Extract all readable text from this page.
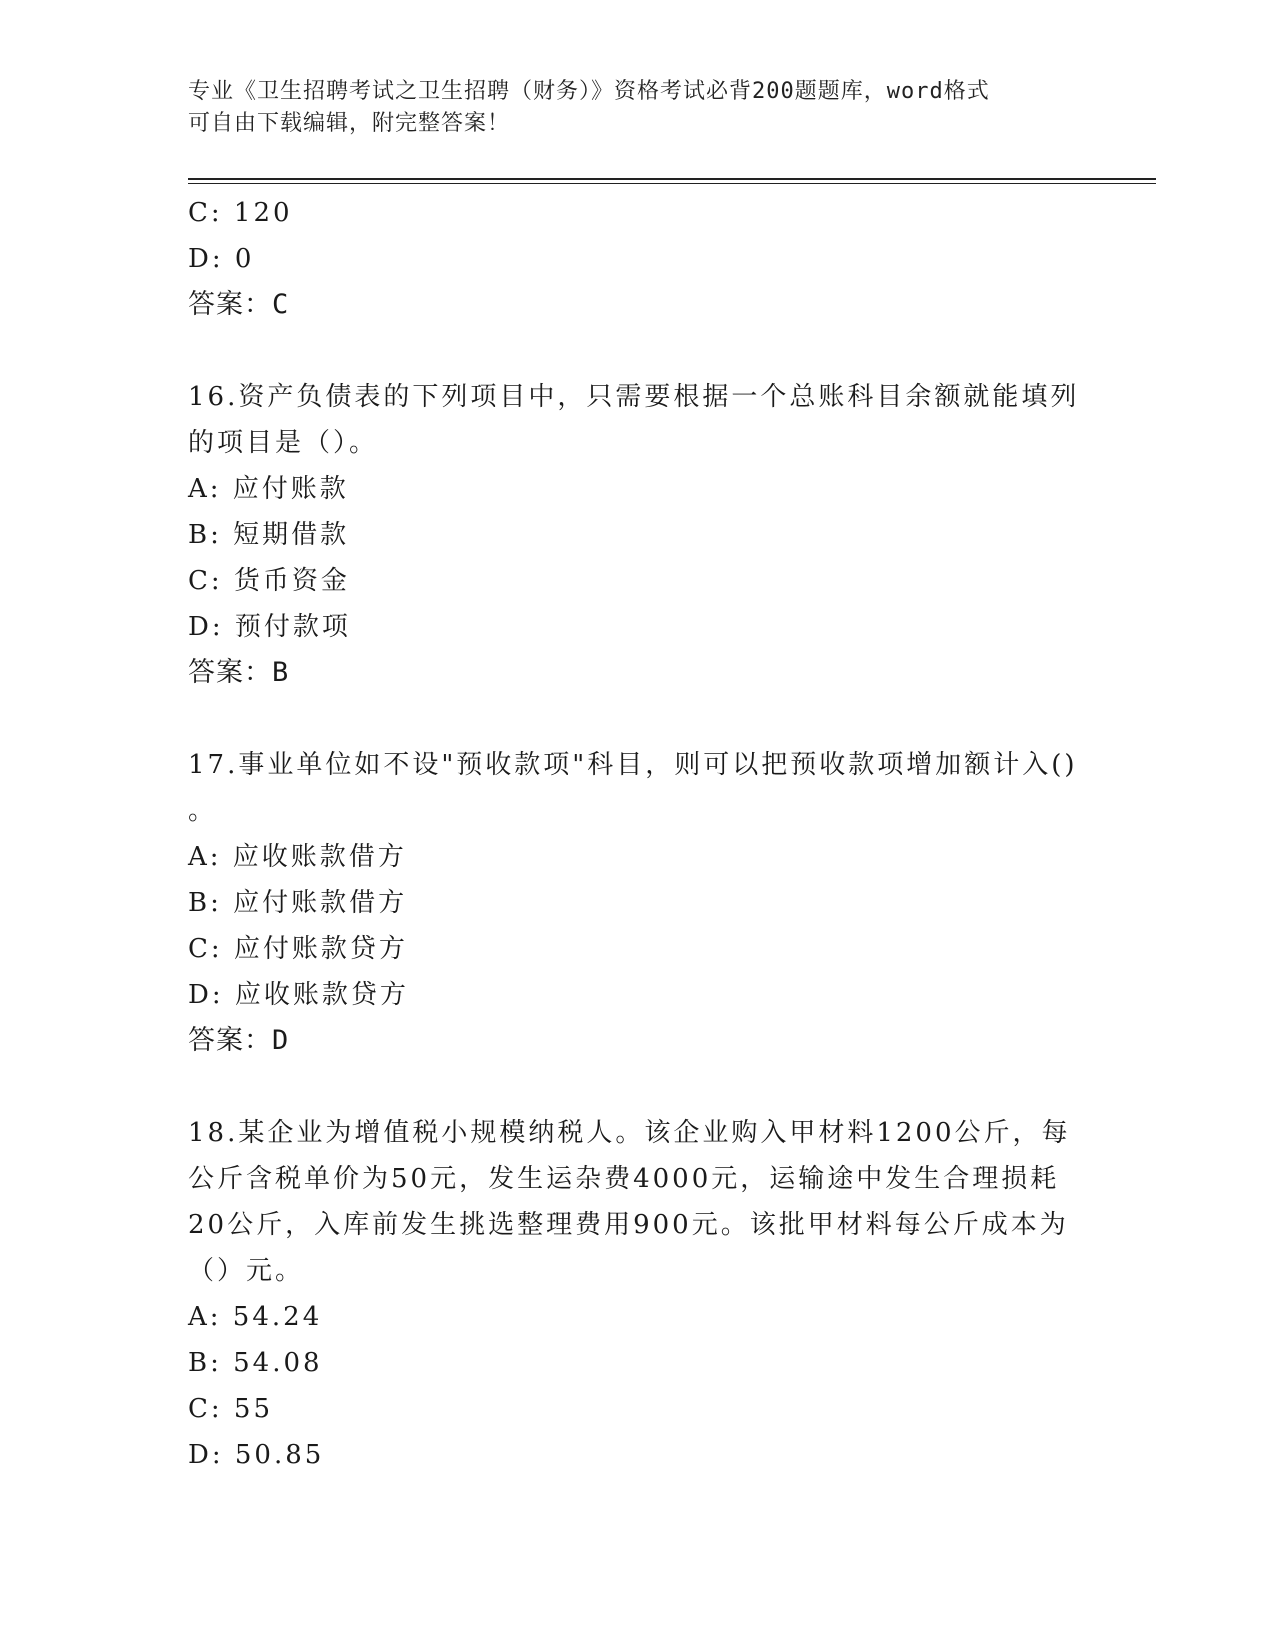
专业《卫生招聘考试之卫生招聘（财务）》资格考试必背200题题库，word格式
可自由下载编辑，附完整答案！
C: 120
D: 0
答案：C
16.资产负债表的下列项目中，只需要根据一个总账科目余额就能填列
的项目是（）。
A: 应付账款
B: 短期借款
C: 货币资金
D: 预付款项
答案：B
17.事业单位如不设"预收款项"科目，则可以把预收款项增加额计入()
。
A: 应收账款借方
B: 应付账款借方
C: 应付账款贷方
D: 应收账款贷方
答案：D
18.某企业为增值税小规模纳税人。该企业购入甲材料1200公斤，每
公斤含税单价为50元，发生运杂费4000元，运输途中发生合理损耗
20公斤，入库前发生挑选整理费用900元。该批甲材料每公斤成本为
（）元。
A: 54.24
B: 54.08
C: 55
D: 50.85
